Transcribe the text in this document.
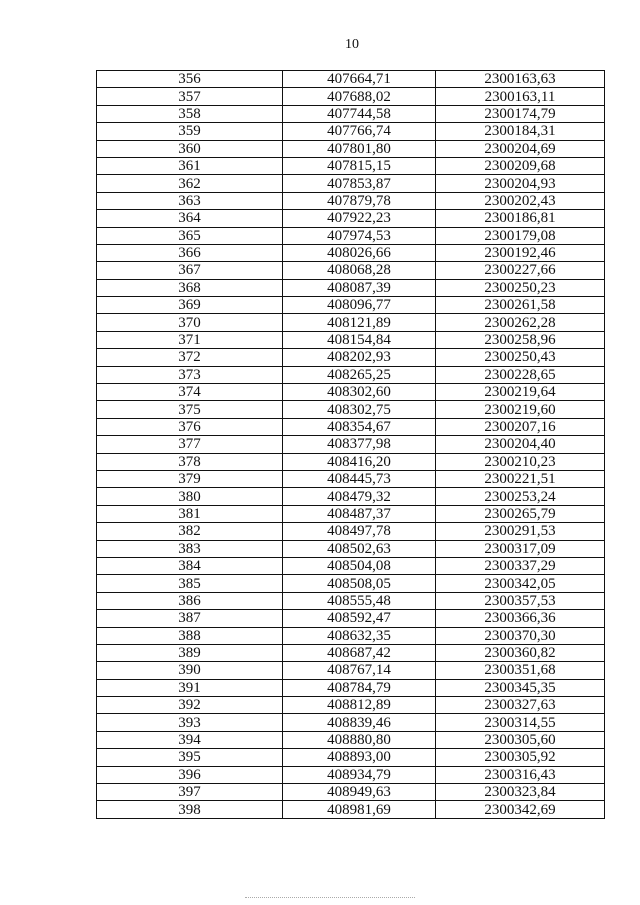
10
356	407664,71	2300163,63
357	407688,02	2300163,11
358	407744,58	2300174,79
359	407766,74	2300184,31
360	407801,80	2300204,69
361	407815,15	2300209,68
362	407853,87	2300204,93
363	407879,78	2300202,43
364	407922,23	2300186,81
365	407974,53	2300179,08
366	408026,66	2300192,46
367	408068,28	2300227,66
368	408087,39	2300250,23
369	408096,77	2300261,58
370	408121,89	2300262,28
371	408154,84	2300258,96
372	408202,93	2300250,43
373	408265,25	2300228,65
374	408302,60	2300219,64
375	408302,75	2300219,60
376	408354,67	2300207,16
377	408377,98	2300204,40
378	408416,20	2300210,23
379	408445,73	2300221,51
380	408479,32	2300253,24
381	408487,37	2300265,79
382	408497,78	2300291,53
383	408502,63	2300317,09
384	408504,08	2300337,29
385	408508,05	2300342,05
386	408555,48	2300357,53
387	408592,47	2300366,36
388	408632,35	2300370,30
389	408687,42	2300360,82
390	408767,14	2300351,68
391	408784,79	2300345,35
392	408812,89	2300327,63
393	408839,46	2300314,55
394	408880,80	2300305,60
395	408893,00	2300305,92
396	408934,79	2300316,43
397	408949,63	2300323,84
398	408981,69	2300342,69
